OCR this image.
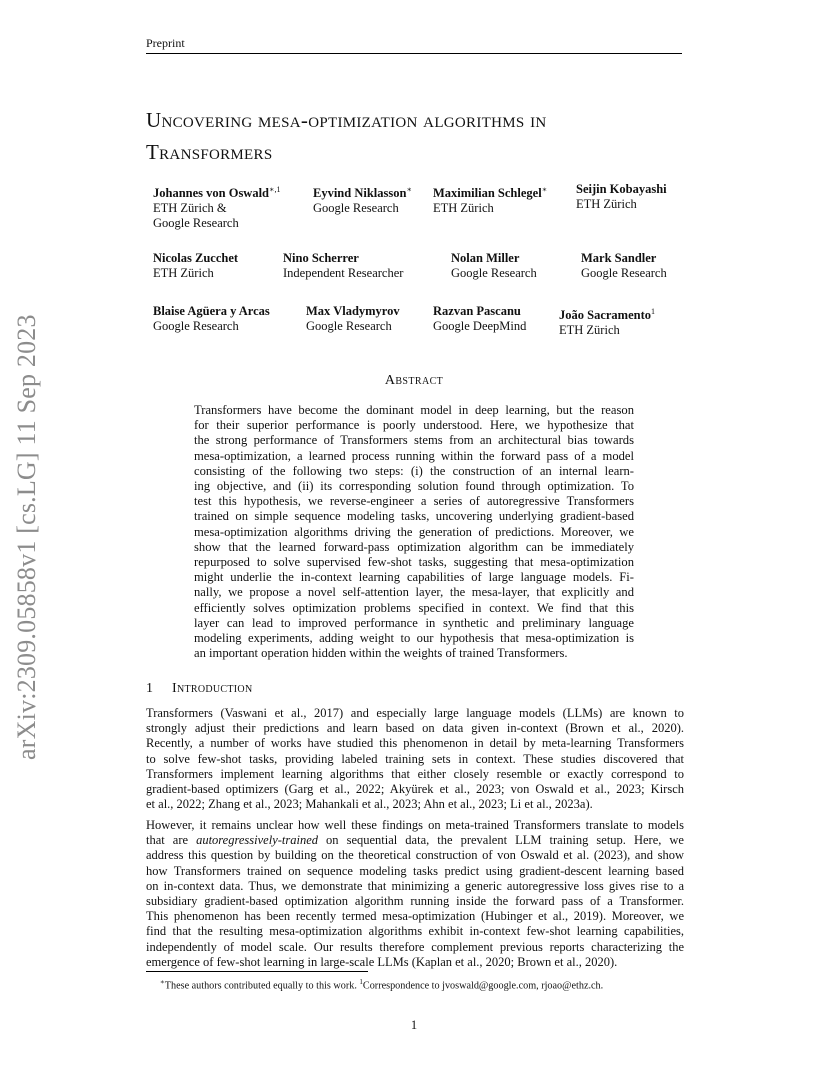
Preprint
arXiv:2309.05858v1 [cs.LG] 11 Sep 2023
Uncovering mesa-optimization algorithms in
Transformers
Johannes von Oswald$^{∗,1}$
ETH Zürich &
Google Research
Eyvind Niklasson∗
Google Research
Maximilian Schlegel∗
ETH Zürich
Seijin Kobayashi
ETH Zürich
Nicolas Zucchet
ETH Zürich
Nino Scherrer
Independent Researcher
Nolan Miller
Google Research
Mark Sandler
Google Research
Blaise Agüera y Arcas
Google Research
Max Vladymyrov
Google Research
Razvan Pascanu
Google DeepMind
João Sacramento$^1$
ETH Zürich
Abstract
Transformers have become the dominant model in deep learning, but the reason
for their superior performance is poorly understood. Here, we hypothesize that
the strong performance of Transformers stems from an architectural bias towards
mesa-optimization, a learned process running within the forward pass of a model
consisting of the following two steps: (i) the construction of an internal learn-
ing objective, and (ii) its corresponding solution found through optimization. To
test this hypothesis, we reverse-engineer a series of autoregressive Transformers
trained on simple sequence modeling tasks, uncovering underlying gradient-based
mesa-optimization algorithms driving the generation of predictions. Moreover, we
show that the learned forward-pass optimization algorithm can be immediately
repurposed to solve supervised few-shot tasks, suggesting that mesa-optimization
might underlie the in-context learning capabilities of large language models. Fi-
nally, we propose a novel self-attention layer, the mesa-layer, that explicitly and
efficiently solves optimization problems specified in context. We find that this
layer can lead to improved performance in synthetic and preliminary language
modeling experiments, adding weight to our hypothesis that mesa-optimization is
an important operation hidden within the weights of trained Transformers.
1 Introduction
Transformers (Vaswani et al., 2017) and especially large language models (LLMs) are known to
strongly adjust their predictions and learn based on data given in-context (Brown et al., 2020).
Recently, a number of works have studied this phenomenon in detail by meta-learning Transformers
to solve few-shot tasks, providing labeled training sets in context. These studies discovered that
Transformers implement learning algorithms that either closely resemble or exactly correspond to
gradient-based optimizers (Garg et al., 2022; Akyürek et al., 2023; von Oswald et al., 2023; Kirsch
et al., 2022; Zhang et al., 2023; Mahankali et al., 2023; Ahn et al., 2023; Li et al., 2023a).
However, it remains unclear how well these findings on meta-trained Transformers translate to models
that are autoregressively-trained on sequential data, the prevalent LLM training setup. Here, we
address this question by building on the theoretical construction of von Oswald et al. (2023), and show
how Transformers trained on sequence modeling tasks predict using gradient-descent learning based
on in-context data. Thus, we demonstrate that minimizing a generic autoregressive loss gives rise to a
subsidiary gradient-based optimization algorithm running inside the forward pass of a Transformer.
This phenomenon has been recently termed mesa-optimization (Hubinger et al., 2019). Moreover, we
find that the resulting mesa-optimization algorithms exhibit in-context few-shot learning capabilities,
independently of model scale. Our results therefore complement previous reports characterizing the
emergence of few-shot learning in large-scale LLMs (Kaplan et al., 2020; Brown et al., 2020).
∗These authors contributed equally to this work. $^1$Correspondence to jvoswald@google.com, rjoao@ethz.ch.
1
